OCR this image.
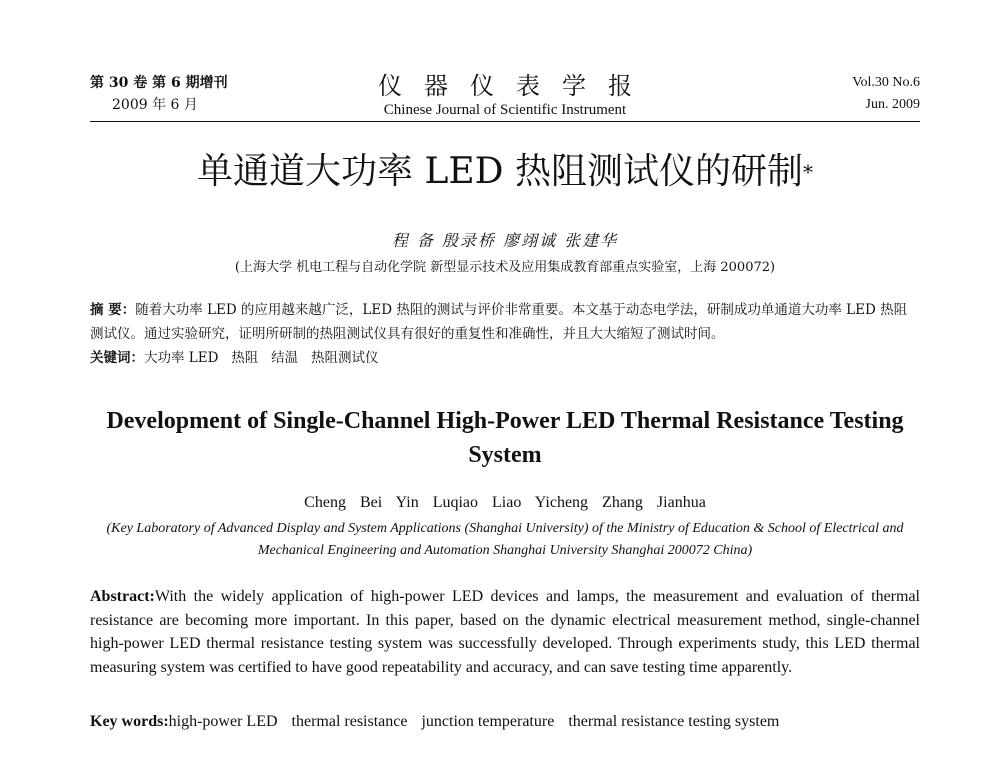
第 30 卷 第 6 期增刊
2009 年 6 月
仪器仪表学报
Chinese Journal of Scientific Instrument
Vol.30 No.6
Jun. 2009
单通道大功率 LED 热阻测试仪的研制*
程 备 殷录桥 廖翊诚 张建华
(上海大学 机电工程与自动化学院 新型显示技术及应用集成教育部重点实验室，上海 200072)
摘 要：随着大功率 LED 的应用越来越广泛，LED 热阻的测试与评价非常重要。本文基于动态电学法，研制成功单通道大功率 LED 热阻测试仪。通过实验研究，证明所研制的热阻测试仪具有很好的重复性和准确性，并且大大缩短了测试时间。
关键词：大功率 LED   热阻   结温   热阻测试仪
Development of Single-Channel High-Power LED Thermal Resistance Testing System
Cheng Bei Yin Luqiao Liao Yicheng Zhang Jianhua
(Key Laboratory of Advanced Display and System Applications (Shanghai University) of the Ministry of Education & School of Electrical and Mechanical Engineering and Automation Shanghai University Shanghai 200072 China)
Abstract:With the widely application of high-power LED devices and lamps, the measurement and evaluation of thermal resistance are becoming more important. In this paper, based on the dynamic electrical measurement method, single-channel high-power LED thermal resistance testing system was successfully developed. Through experiments study, this LED thermal measuring system was certified to have good repeatability and accuracy, and can save testing time apparently.
Key words:high-power LED thermal resistance junction temperature thermal resistance testing system
